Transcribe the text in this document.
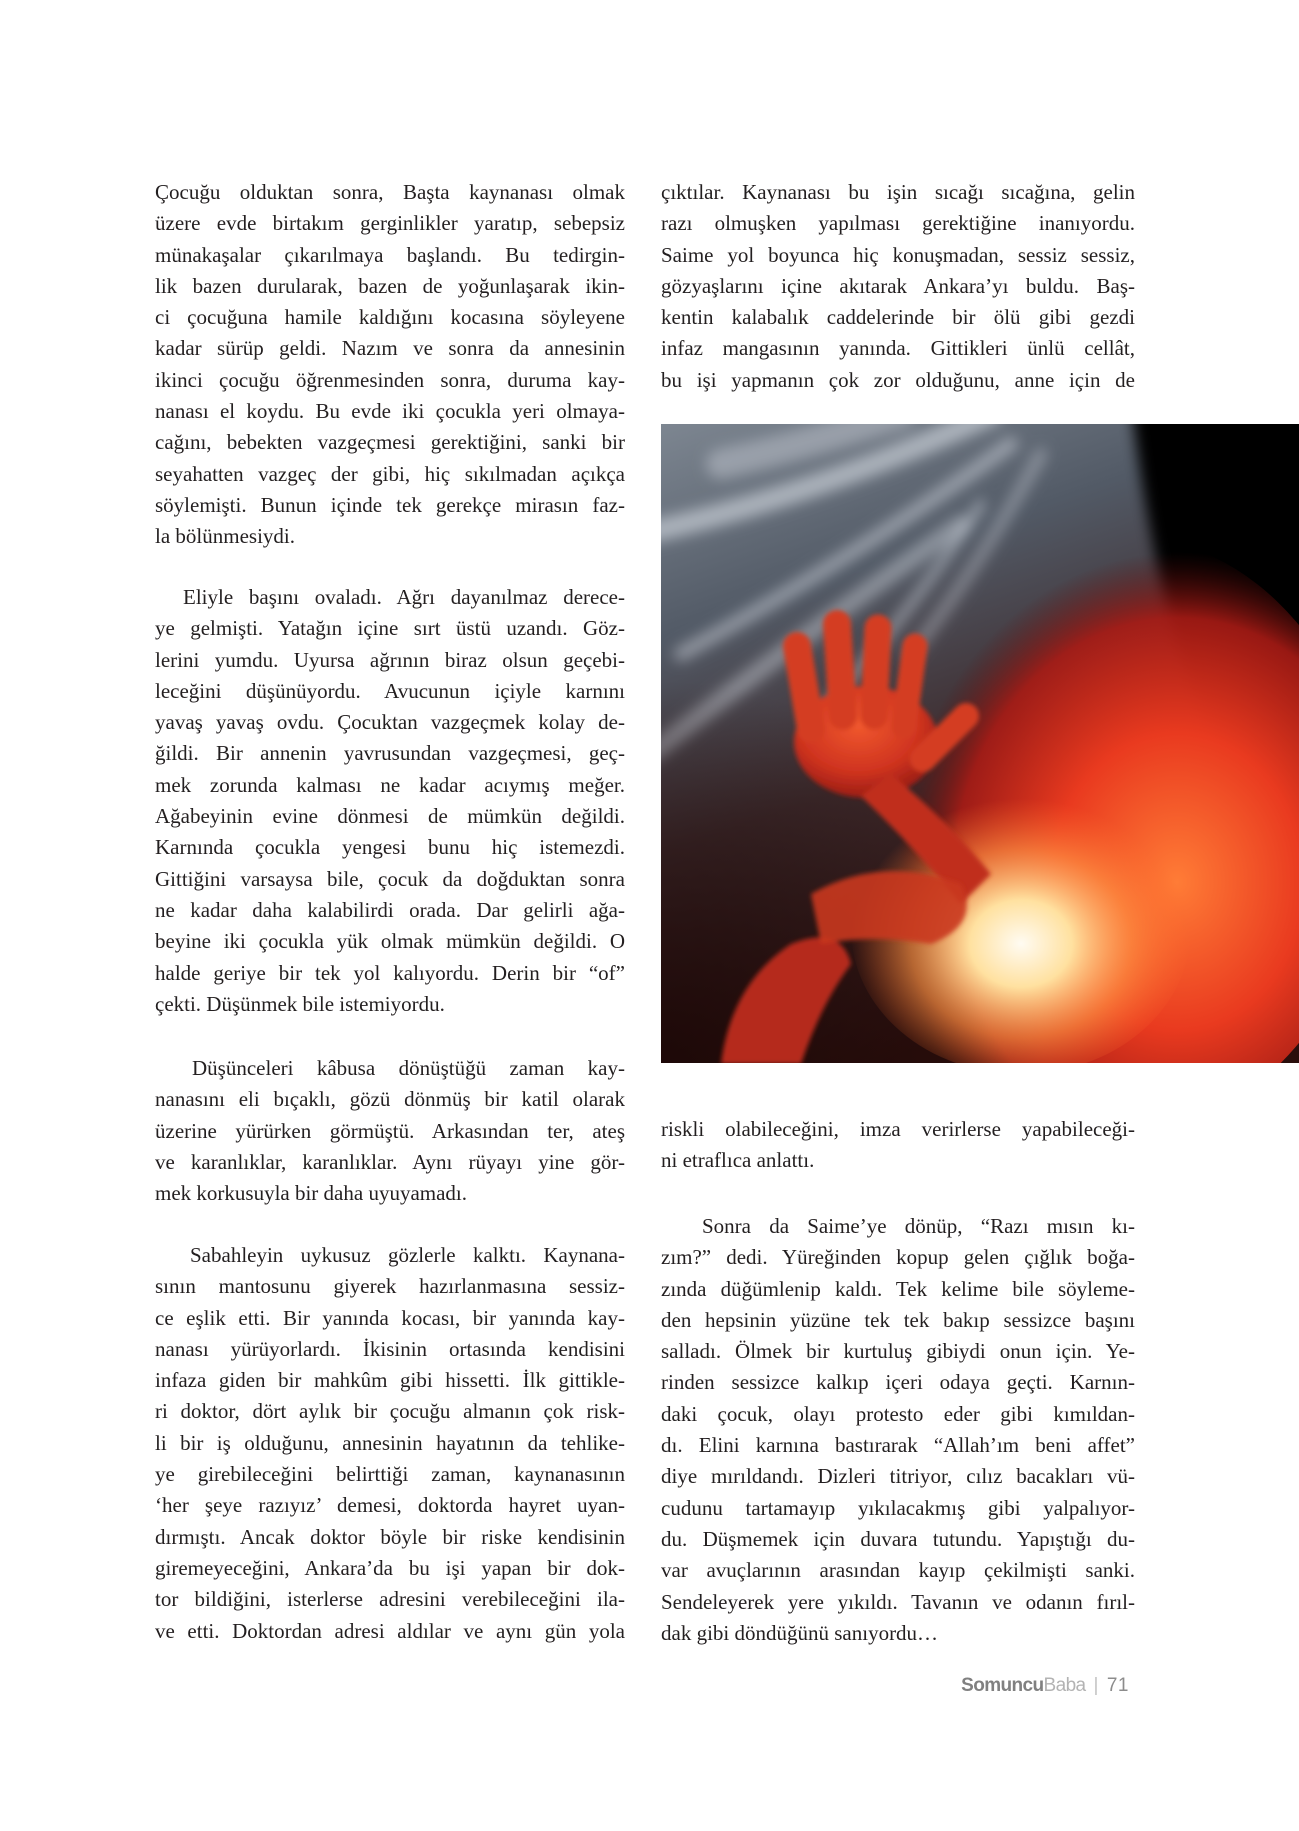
Çocuğu olduktan sonra, Başta kaynanası olmak
üzere evde birtakım gerginlikler yaratıp, sebepsiz
münakaşalar çıkarılmaya başlandı. Bu tedirgin-
lik bazen durularak, bazen de yoğunlaşarak ikin-
ci çocuğuna hamile kaldığını kocasına söyleyene
kadar sürüp geldi. Nazım ve sonra da annesinin
ikinci çocuğu öğrenmesinden sonra, duruma kay-
nanası el koydu. Bu evde iki çocukla yeri olmaya-
cağını, bebekten vazgeçmesi gerektiğini, sanki bir
seyahatten vazgeç der gibi, hiç sıkılmadan açıkça
söylemişti. Bunun içinde tek gerekçe mirasın faz-
la bölünmesiydi.
Eliyle başını ovaladı. Ağrı dayanılmaz derece-
ye gelmişti. Yatağın içine sırt üstü uzandı. Göz-
lerini yumdu. Uyursa ağrının biraz olsun geçebi-
leceğini düşünüyordu. Avucunun içiyle karnını
yavaş yavaş ovdu. Çocuktan vazgeçmek kolay de-
ğildi. Bir annenin yavrusundan vazgeçmesi, geç-
mek zorunda kalması ne kadar acıymış meğer.
Ağabeyinin evine dönmesi de mümkün değildi.
Karnında çocukla yengesi bunu hiç istemezdi.
Gittiğini varsaysa bile, çocuk da doğduktan sonra
ne kadar daha kalabilirdi orada. Dar gelirli ağa-
beyine iki çocukla yük olmak mümkün değildi. O
halde geriye bir tek yol kalıyordu. Derin bir “of”
çekti. Düşünmek bile istemiyordu.
Düşünceleri kâbusa dönüştüğü zaman kay-
nanasını eli bıçaklı, gözü dönmüş bir katil olarak
üzerine yürürken görmüştü. Arkasından ter, ateş
ve karanlıklar, karanlıklar. Aynı rüyayı yine gör-
mek korkusuyla bir daha uyuyamadı.
Sabahleyin uykusuz gözlerle kalktı. Kaynana-
sının mantosunu giyerek hazırlanmasına sessiz-
ce eşlik etti. Bir yanında kocası, bir yanında kay-
nanası yürüyorlardı. İkisinin ortasında kendisini
infaza giden bir mahkûm gibi hissetti. İlk gittikle-
ri doktor, dört aylık bir çocuğu almanın çok risk-
li bir iş olduğunu, annesinin hayatının da tehlike-
ye girebileceğini belirttiği zaman, kaynanasının
‘her şeye razıyız’ demesi, doktorda hayret uyan-
dırmıştı. Ancak doktor böyle bir riske kendisinin
giremeyeceğini, Ankara’da bu işi yapan bir dok-
tor bildiğini, isterlerse adresini verebileceğini ila-
ve etti. Doktordan adresi aldılar ve aynı gün yola
çıktılar. Kaynanası bu işin sıcağı sıcağına, gelin
razı olmuşken yapılması gerektiğine inanıyordu.
Saime yol boyunca hiç konuşmadan, sessiz sessiz,
gözyaşlarını içine akıtarak Ankara’yı buldu. Baş-
kentin kalabalık caddelerinde bir ölü gibi gezdi
infaz mangasının yanında. Gittikleri ünlü cellât,
bu işi yapmanın çok zor olduğunu, anne için de
riskli olabileceğini, imza verirlerse yapabileceği-
ni etraflıca anlattı.
Sonra da Saime’ye dönüp, “Razı mısın kı-
zım?” dedi. Yüreğinden kopup gelen çığlık boğa-
zında düğümlenip kaldı. Tek kelime bile söyleme-
den hepsinin yüzüne tek tek bakıp sessizce başını
salladı. Ölmek bir kurtuluş gibiydi onun için. Ye-
rinden sessizce kalkıp içeri odaya geçti. Karnın-
daki çocuk, olayı protesto eder gibi kımıldan-
dı. Elini karnına bastırarak “Allah’ım beni affet”
diye mırıldandı. Dizleri titriyor, cılız bacakları vü-
cudunu tartamayıp yıkılacakmış gibi yalpalıyor-
du. Düşmemek için duvara tutundu. Yapıştığı du-
var avuçlarının arasından kayıp çekilmişti sanki.
Sendeleyerek yere yıkıldı. Tavanın ve odanın fırıl-
dak gibi döndüğünü sanıyordu…
SomuncuBaba | 71
